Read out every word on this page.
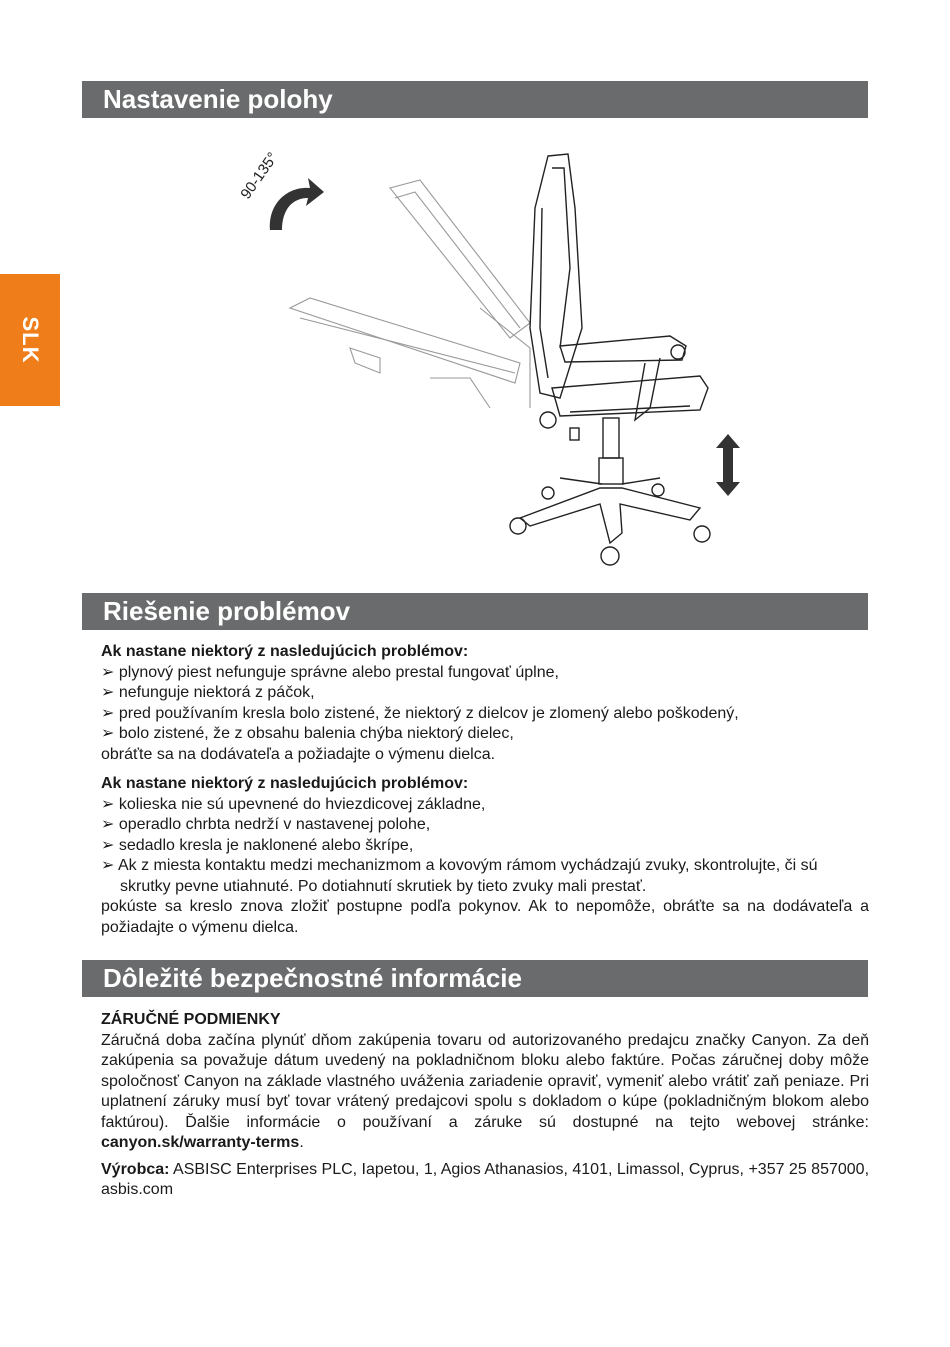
SLK
Nastavenie polohy
90-135°
Riešenie problémov

Ak nastane niektorý z nasledujúcich problémov:

➢ plynový piest nefunguje správne alebo prestal fungovať úplne,

➢ nefunguje niektorá z páčok,

➢ pred používaním kresla bolo zistené, že niektorý z dielcov je zlomený alebo poškodený,

➢ bolo zistené, že z obsahu balenia chýba niektorý dielec,

obráťte sa na dodávateľa a požiadajte o výmenu dielca.

Ak nastane niektorý z nasledujúcich problémov:

➢ kolieska nie sú upevnené do hviezdicovej základne,

➢ operadlo chrbta nedrží v nastavenej polohe,

➢ sedadlo kresla je naklonené alebo škrípe,

➢ Ak z miesta kontaktu medzi mechanizmom a kovovým rámom vychádzajú zvuky, skontrolujte, či sú skrutky pevne utiahnuté. Po dotiahnutí skrutiek by tieto zvuky mali prestať.

pokúste sa kreslo znova zložiť postupne podľa pokynov. Ak to nepomôže, obráťte sa na dodávateľa a požiadajte o výmenu dielca.

Dôležité bezpečnostné informácie

ZÁRUČNÉ PODMIENKY

Záručná doba začína plynúť dňom zakúpenia tovaru od autorizovaného predajcu značky Canyon. Za deň zakúpenia sa považuje dátum uvedený na pokladničnom bloku alebo faktúre. Počas záručnej doby môže spoločnosť Canyon na základe vlastného uváženia zariadenie opraviť, vymeniť alebo vrátiť zaň peniaze. Pri uplatnení záruky musí byť tovar vrátený predajcovi spolu s dokladom o kúpe (pokladničným blokom alebo faktúrou). Ďalšie informácie o používaní a záruke sú dostupné na tejto webovej stránke: canyon.sk/warranty-terms.

Výrobca: ASBISC Enterprises PLC, Iapetou, 1, Agios Athanasios, 4101, Limassol, Cyprus, +357 25 857000, asbis.com
